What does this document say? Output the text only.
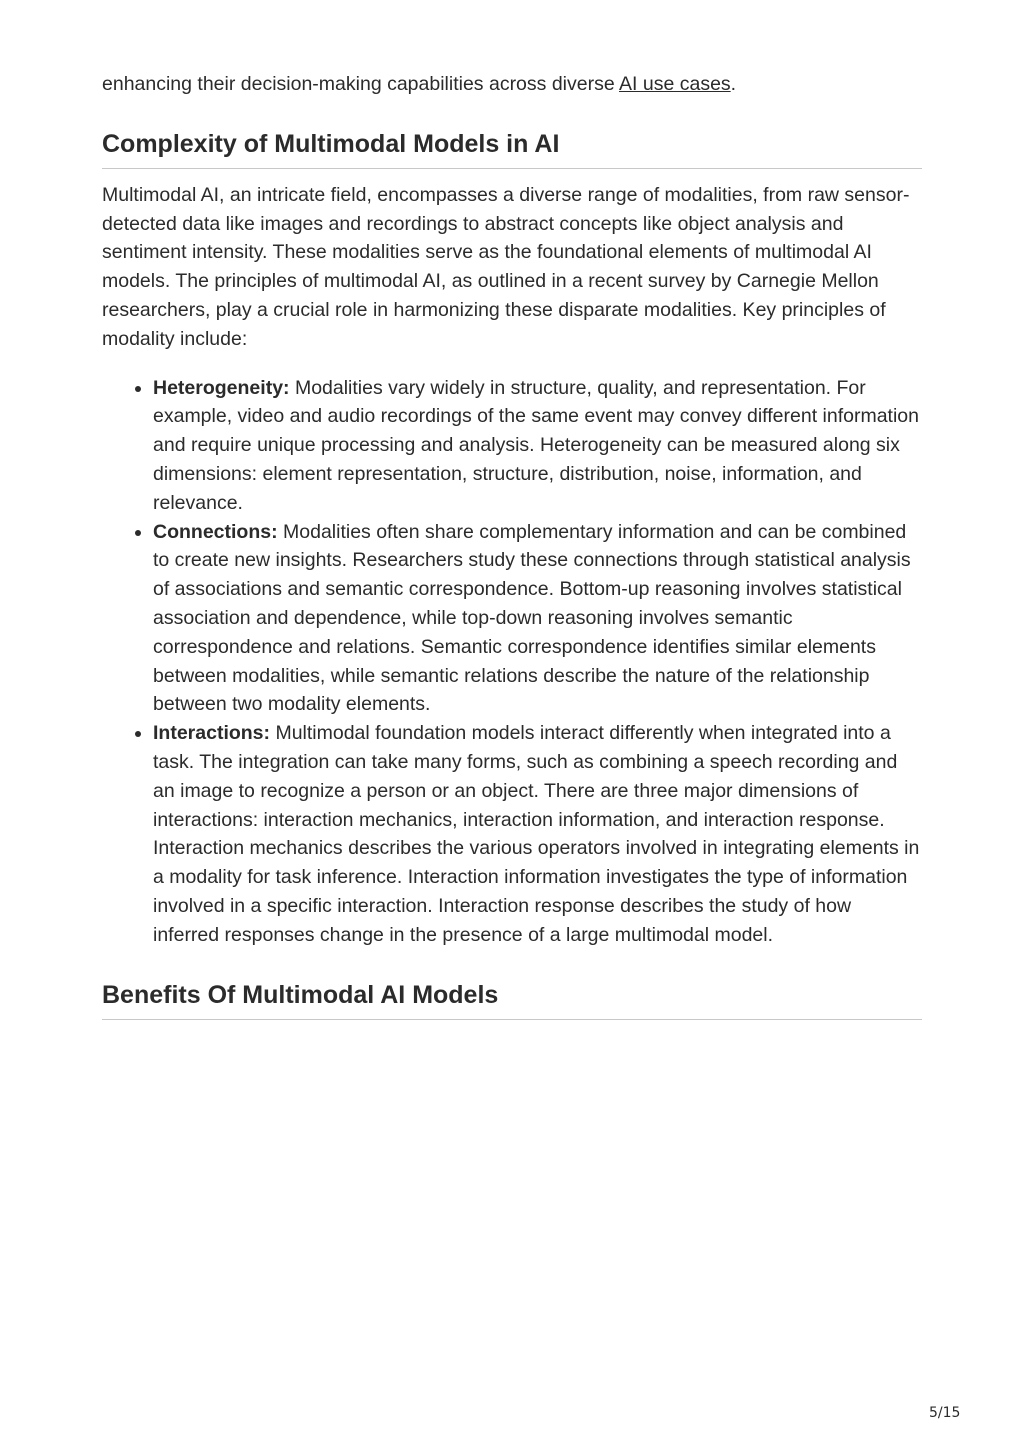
enhancing their decision-making capabilities across diverse AI use cases.

Complexity of Multimodal Models in AI

Multimodal AI, an intricate field, encompasses a diverse range of modalities, from raw sensor-detected data like images and recordings to abstract concepts like object analysis and sentiment intensity. These modalities serve as the foundational elements of multimodal AI models. The principles of multimodal AI, as outlined in a recent survey by Carnegie Mellon researchers, play a crucial role in harmonizing these disparate modalities. Key principles of modality include:

• Heterogeneity: Modalities vary widely in structure, quality, and representation. For example, video and audio recordings of the same event may convey different information and require unique processing and analysis. Heterogeneity can be measured along six dimensions: element representation, structure, distribution, noise, information, and relevance.
• Connections: Modalities often share complementary information and can be combined to create new insights. Researchers study these connections through statistical analysis of associations and semantic correspondence. Bottom-up reasoning involves statistical association and dependence, while top-down reasoning involves semantic correspondence and relations. Semantic correspondence identifies similar elements between modalities, while semantic relations describe the nature of the relationship between two modality elements.
• Interactions: Multimodal foundation models interact differently when integrated into a task. The integration can take many forms, such as combining a speech recording and an image to recognize a person or an object. There are three major dimensions of interactions: interaction mechanics, interaction information, and interaction response. Interaction mechanics describes the various operators involved in integrating elements in a modality for task inference. Interaction information investigates the type of information involved in a specific interaction. Interaction response describes the study of how inferred responses change in the presence of a large multimodal model.
Benefits Of Multimodal AI Models
5/15
